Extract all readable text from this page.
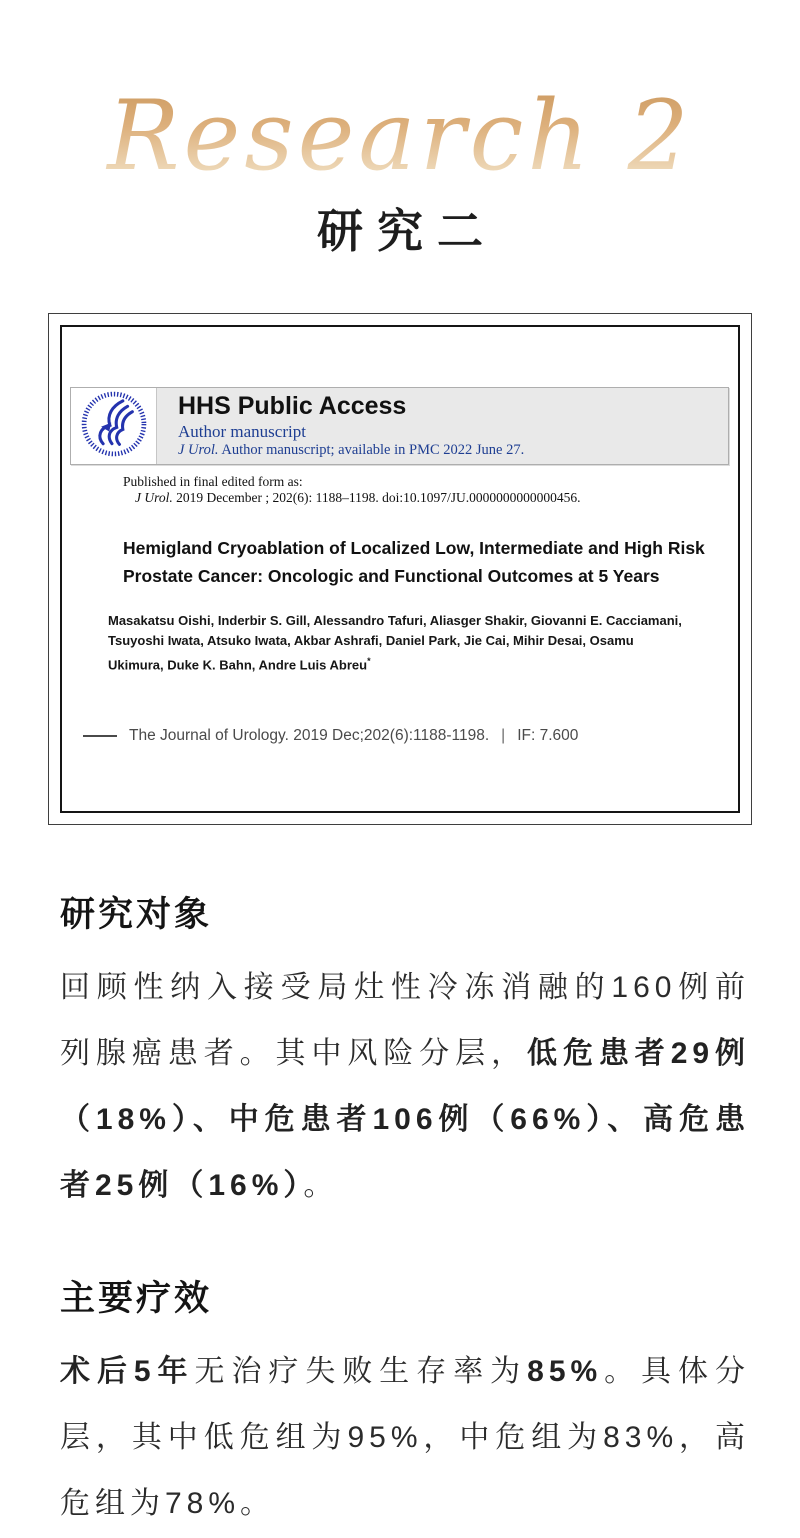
Research 2
研究二
HHS Public Access
Author manuscript
J Urol. Author manuscript; available in PMC 2022 June 27.
Published in final edited form as:
J Urol. 2019 December ; 202(6): 1188–1198. doi:10.1097/JU.0000000000000456.
Hemigland Cryoablation of Localized Low, Intermediate and High Risk Prostate Cancer: Oncologic and Functional Outcomes at 5 Years
Masakatsu Oishi, Inderbir S. Gill, Alessandro Tafuri, Aliasger Shakir, Giovanni E. Cacciamani, Tsuyoshi Iwata, Atsuko Iwata, Akbar Ashrafi, Daniel Park, Jie Cai, Mihir Desai, Osamu Ukimura, Duke K. Bahn, Andre Luis Abreu*
The Journal of Urology. 2019 Dec;202(6):1188-1198. | IF: 7.600
研究对象
回顾性纳入接受局灶性冷冻消融的160例前列腺癌患者。其中风险分层，低危患者29例（18%）、中危患者106例（66%）、高危患者25例（16%）。
主要疗效
术后5年无治疗失败生存率为85%。具体分层，其中低危组为95%，中危组为83%，高危组为78%。
